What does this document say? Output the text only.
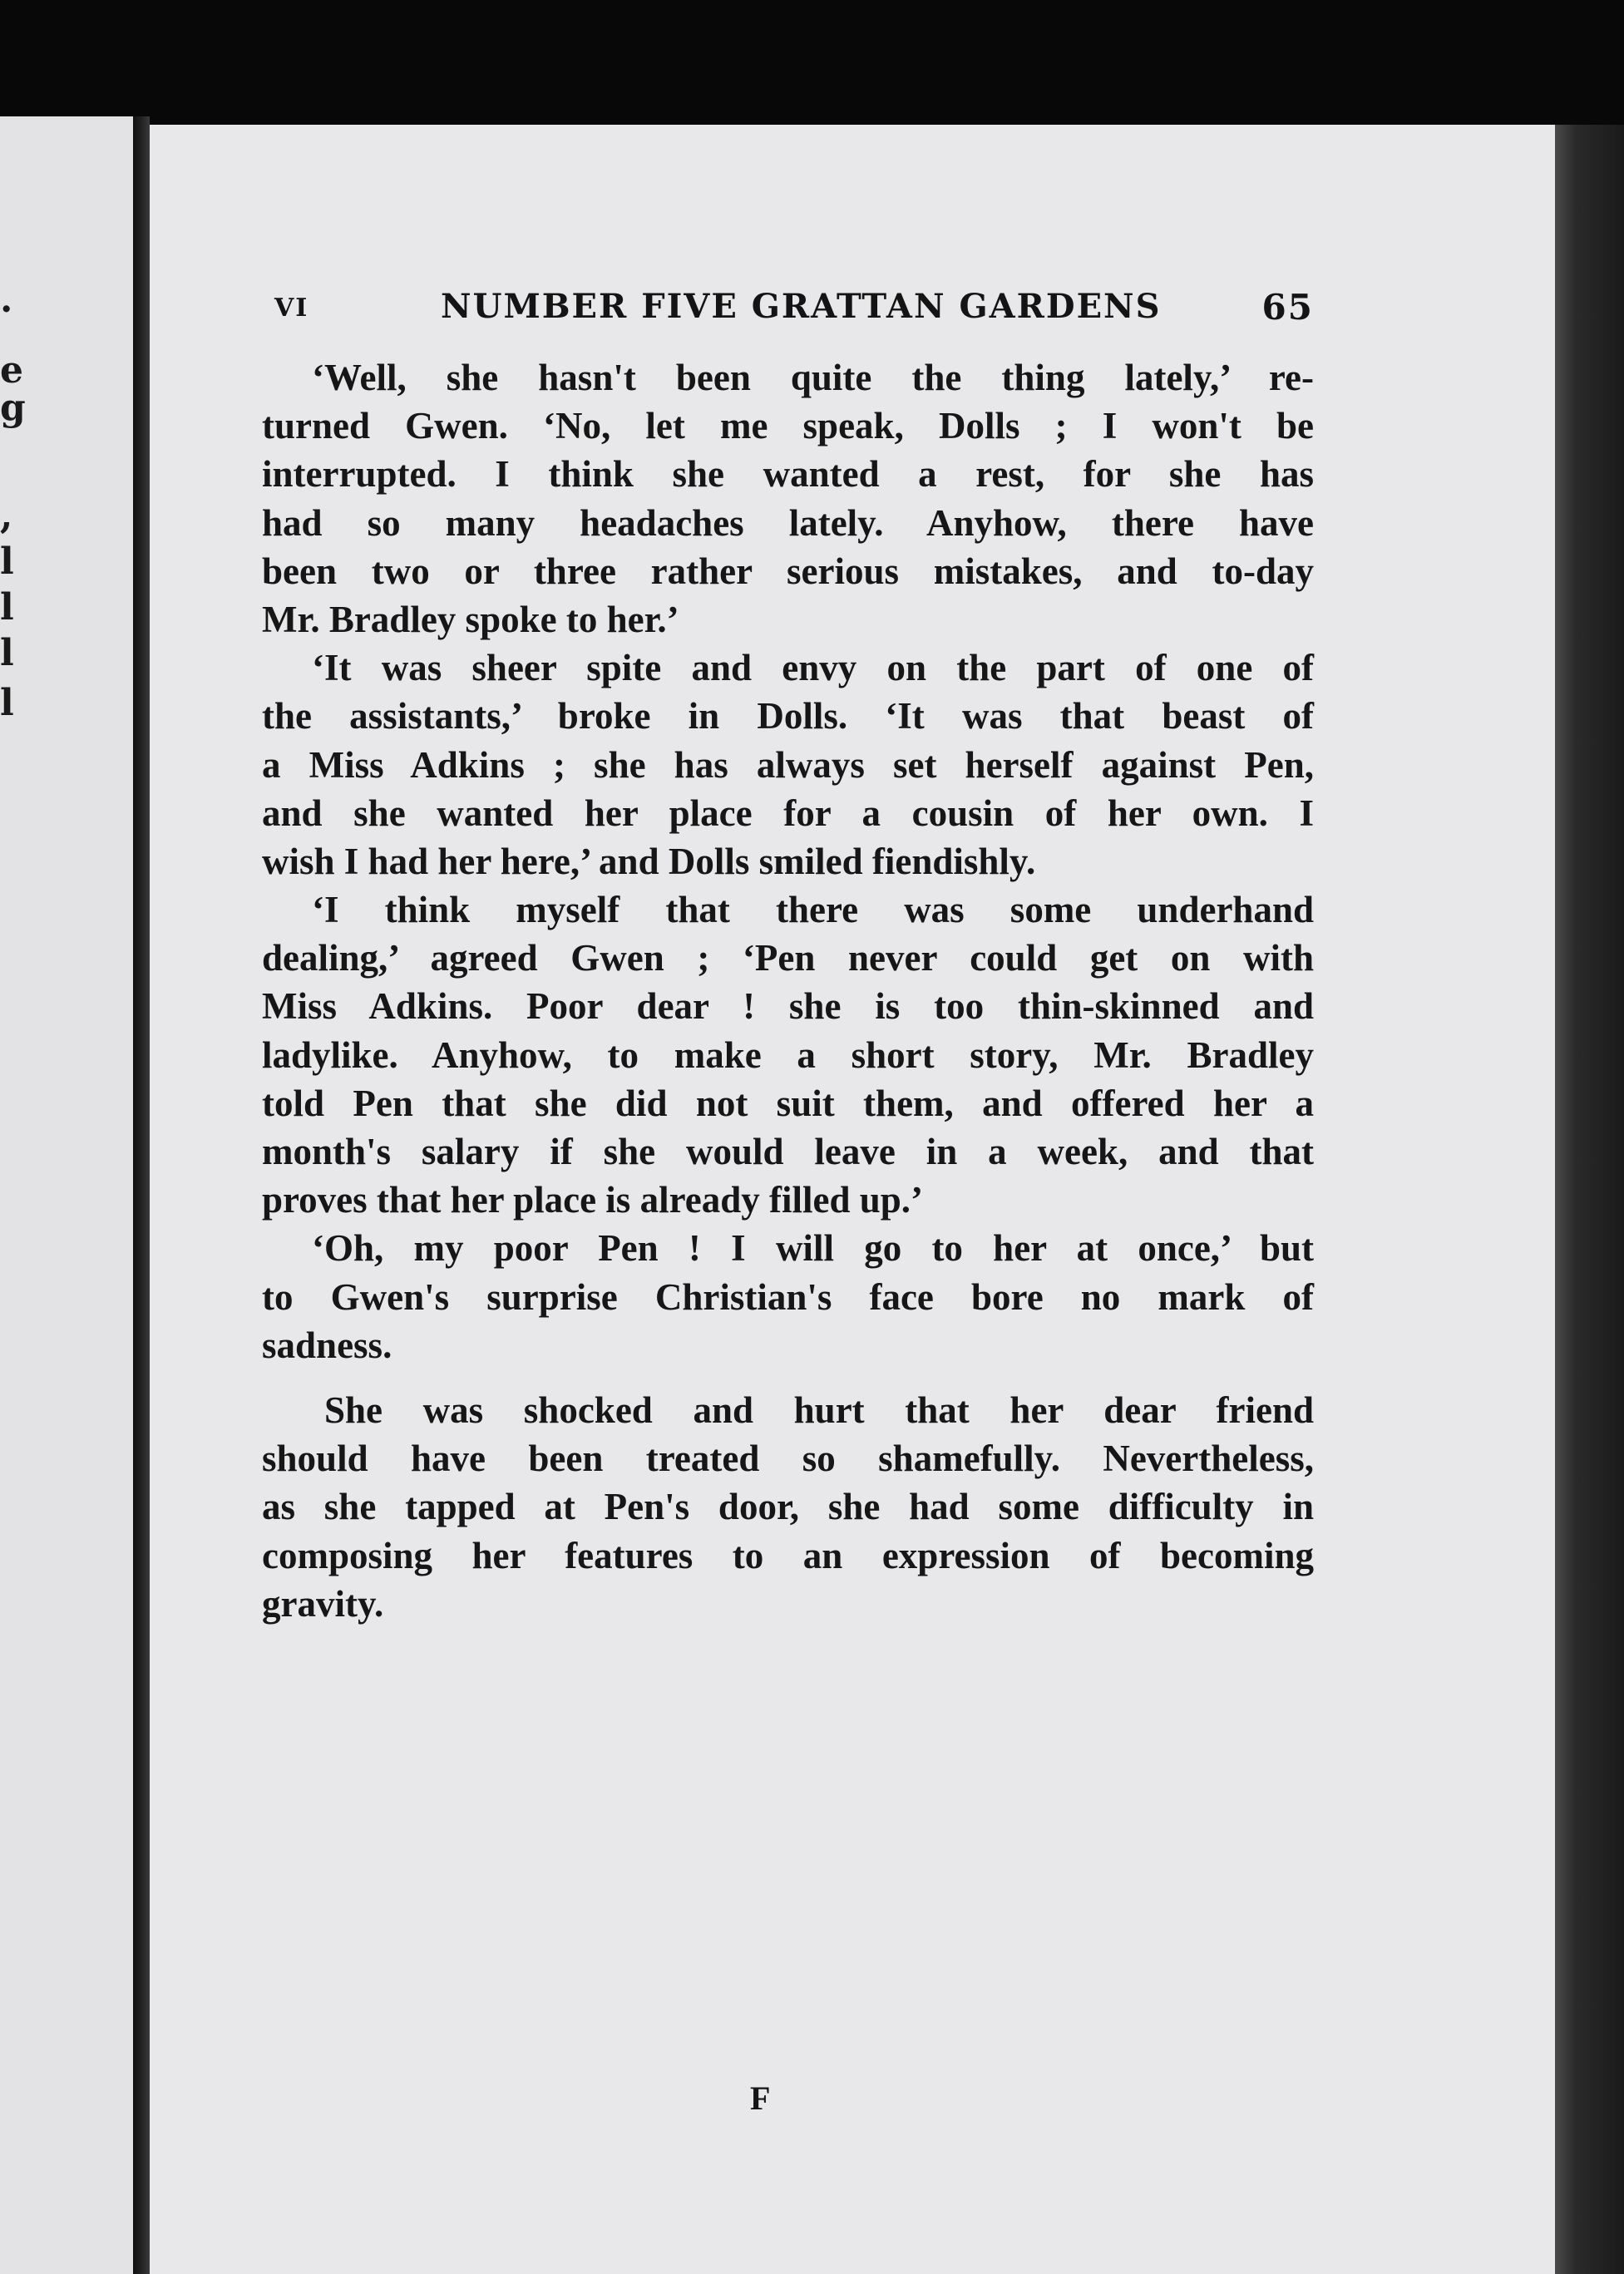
.
e
g
,
l
l
l
l
VI	NUMBER FIVE GRATTAN GARDENS	65
‘Well, she hasn't been quite the thing lately,’ re-
turned Gwen. ‘No, let me speak, Dolls ; I won't be
interrupted. I think she wanted a rest, for she has
had so many headaches lately. Anyhow, there have
been two or three rather serious mistakes, and to-day
Mr. Bradley spoke to her.’
‘It was sheer spite and envy on the part of one of
the assistants,’ broke in Dolls. ‘It was that beast of
a Miss Adkins ; she has always set herself against Pen,
and she wanted her place for a cousin of her own. I
wish I had her here,’ and Dolls smiled fiendishly.
‘I think myself that there was some underhand
dealing,’ agreed Gwen ; ‘Pen never could get on with
Miss Adkins. Poor dear ! she is too thin-skinned and
ladylike. Anyhow, to make a short story, Mr. Bradley
told Pen that she did not suit them, and offered her a
month's salary if she would leave in a week, and that
proves that her place is already filled up.’
‘Oh, my poor Pen ! I will go to her at once,’ but
to Gwen's surprise Christian's face bore no mark of
sadness.
She was shocked and hurt that her dear friend
should have been treated so shamefully. Nevertheless,
as she tapped at Pen's door, she had some difficulty in
composing her features to an expression of becoming
gravity.
F
